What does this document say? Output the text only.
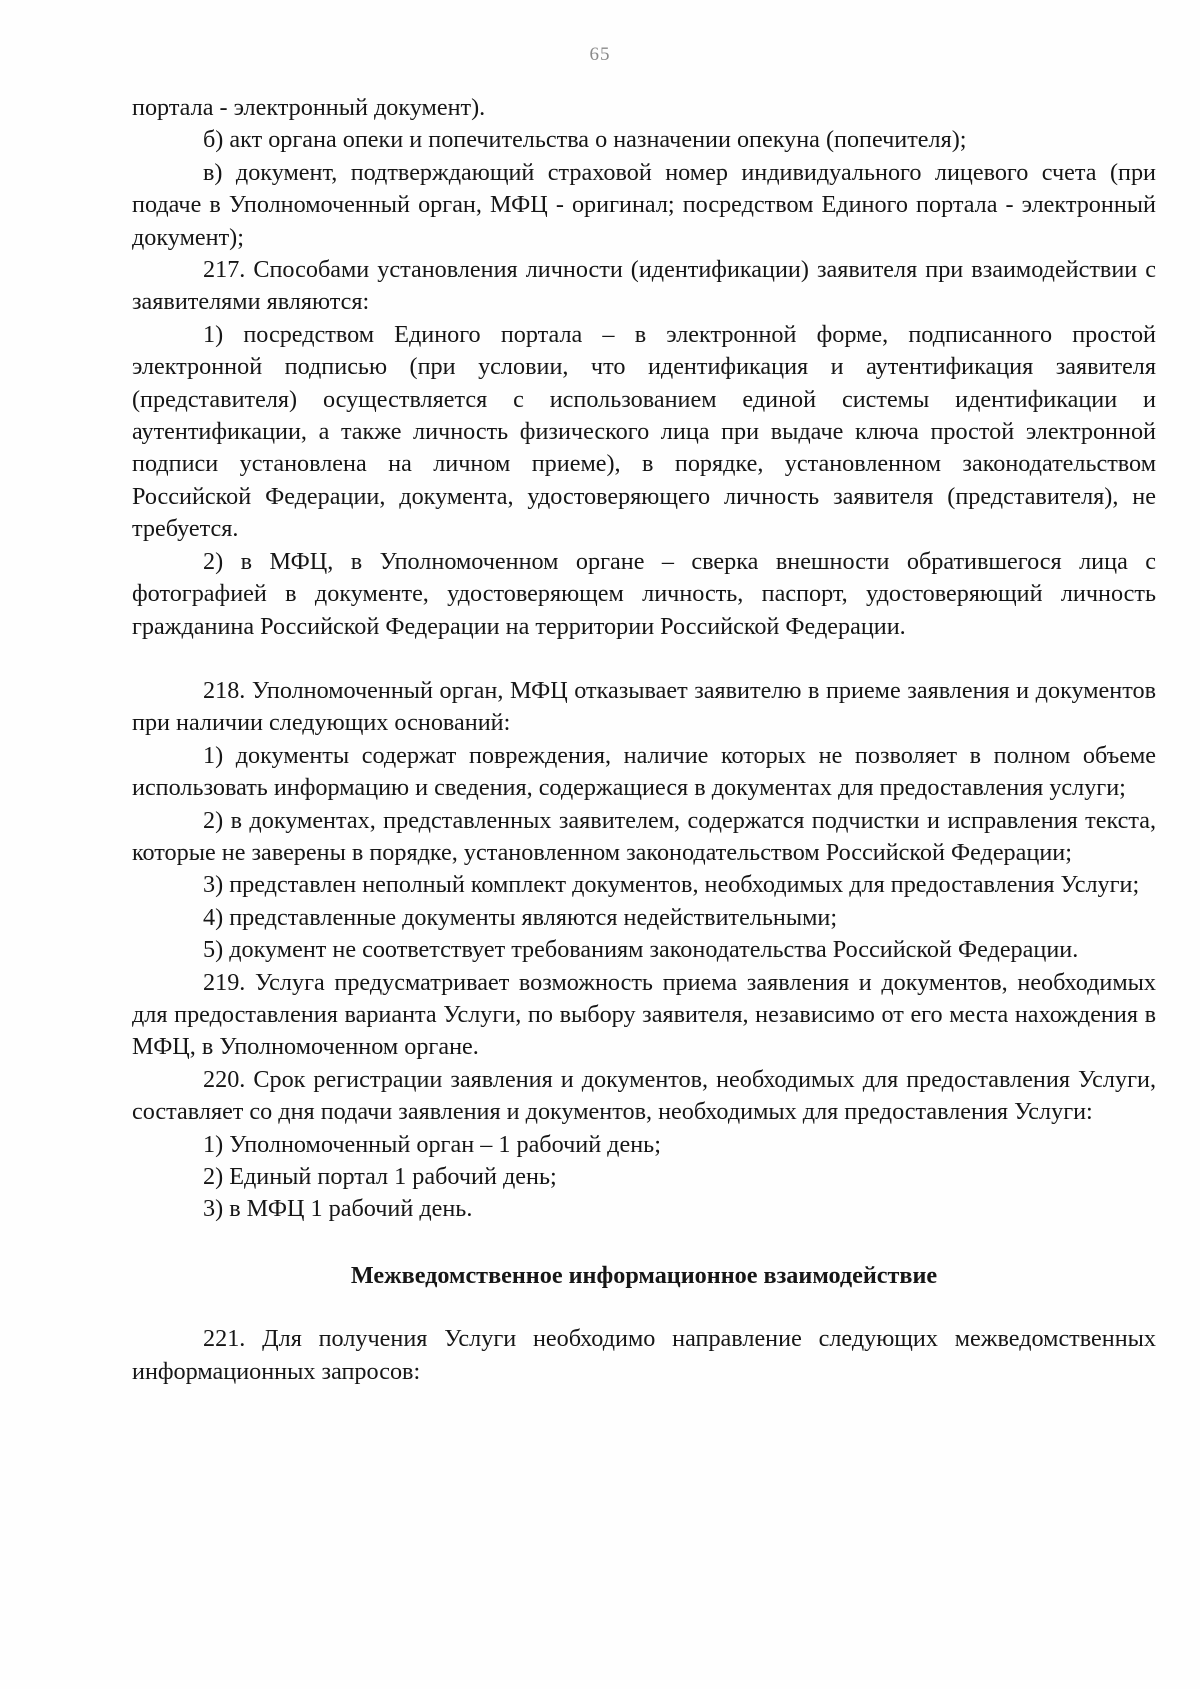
65

портала - электронный документ).

б) акт органа опеки и попечительства о назначении опекуна (попечителя);

в) документ, подтверждающий страховой номер индивидуального лицевого счета (при подаче в Уполномоченный орган, МФЦ - оригинал; посредством Единого портала - электронный документ);

217. Способами установления личности (идентификации) заявителя при взаимодействии с заявителями являются:

1) посредством Единого портала – в электронной форме, подписанного простой электронной подписью (при условии, что идентификация и аутентификация заявителя (представителя) осуществляется с использованием единой системы идентификации и аутентификации, а также личность физического лица при выдаче ключа простой электронной подписи установлена на личном приеме), в порядке, установленном законодательством Российской Федерации, документа, удостоверяющего личность заявителя (представителя), не требуется.

2) в МФЦ, в Уполномоченном органе – сверка внешности обратившегося лица с фотографией в документе, удостоверяющем личность, паспорт, удостоверяющий личность гражданина Российской Федерации на территории Российской Федерации.

218. Уполномоченный орган, МФЦ отказывает заявителю в приеме заявления и документов при наличии следующих оснований:

1) документы содержат повреждения, наличие которых не позволяет в полном объеме использовать информацию и сведения, содержащиеся в документах для предоставления услуги;

2) в документах, представленных заявителем, содержатся подчистки и исправления текста, которые не заверены в порядке, установленном законодательством Российской Федерации;

3) представлен неполный комплект документов, необходимых для предоставления Услуги;

4) представленные документы являются недействительными;

5) документ не соответствует требованиям законодательства Российской Федерации.

219. Услуга предусматривает возможность приема заявления и документов, необходимых для предоставления варианта Услуги, по выбору заявителя, независимо от его места нахождения в МФЦ, в Уполномоченном органе.

220. Срок регистрации заявления и документов, необходимых для предоставления Услуги, составляет со дня подачи заявления и документов, необходимых для предоставления Услуги:

1) Уполномоченный орган – 1 рабочий день;

2) Единый портал 1 рабочий день;

3) в МФЦ 1 рабочий день.

Межведомственное информационное взаимодействие

221. Для получения Услуги необходимо направление следующих межведомственных информационных запросов:
